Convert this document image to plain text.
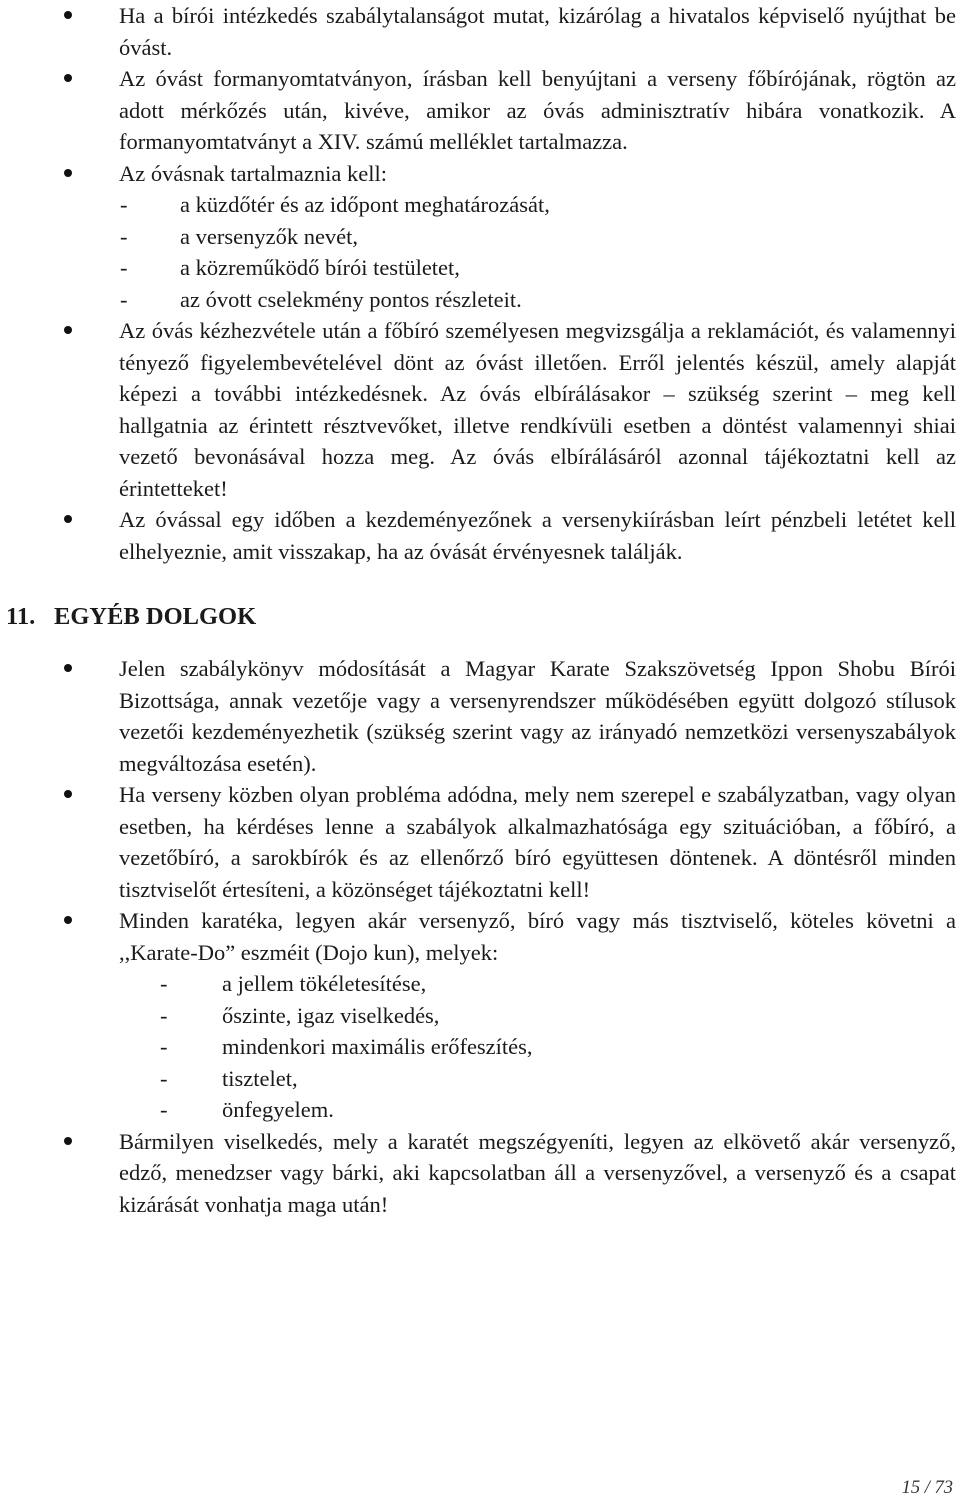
Ha a bírói intézkedés szabálytalanságot mutat, kizárólag a hivatalos képviselő nyújthat be óvást.
Az óvást formanyomtatványon, írásban kell benyújtani a verseny főbírójának, rögtön az adott mérkőzés után, kivéve, amikor az óvás adminisztratív hibára vonatkozik. A formanyomtatványt a XIV. számú melléklet tartalmazza.
Az óvásnak tartalmaznia kell:
- a küzdőtér és az időpont meghatározását,
- a versenyzők nevét,
- a közreműködő bírói testületet,
- az óvott cselekmény pontos részleteit.
Az óvás kézhezvétele után a főbíró személyesen megvizsgálja a reklamációt, és valamennyi tényező figyelembevételével dönt az óvást illetően. Erről jelentés készül, amely alapját képezi a további intézkedésnek. Az óvás elbírálásakor – szükség szerint – meg kell hallgatnia az érintett résztvevőket, illetve rendkívüli esetben a döntést valamennyi shiai vezető bevonásával hozza meg. Az óvás elbírálásáról azonnal tájékoztatni kell az érintetteket!
Az óvással egy időben a kezdeményezőnek a versenykiírásban leírt pénzbeli letétet kell elhelyeznie, amit visszakap, ha az óvását érvényesnek találják.
11. EGYÉB DOLGOK
Jelen szabálykönyv módosítását a Magyar Karate Szakszövetség Ippon Shobu Bírói Bizottsága, annak vezetője vagy a versenyrendszer működésében együtt dolgozó stílusok vezetői kezdeményezhetik (szükség szerint vagy az irányadó nemzetközi versenyszabályok megváltozása esetén).
Ha verseny közben olyan probléma adódna, mely nem szerepel e szabályzatban, vagy olyan esetben, ha kérdéses lenne a szabályok alkalmazhatósága egy szituációban, a főbíró, a vezetőbíró, a sarokbírók és az ellenőrző bíró együttesen döntenek. A döntésről minden tisztviselőt értesíteni, a közönséget tájékoztatni kell!
Minden karatéka, legyen akár versenyző, bíró vagy más tisztviselő, köteles követni a ,,Karate-Do” eszméit (Dojo kun), melyek:
- a jellem tökéletesítése,
- őszinte, igaz viselkedés,
- mindenkori maximális erőfeszítés,
- tisztelet,
- önfegyelem.
Bármilyen viselkedés, mely a karatét megszégyeníti, legyen az elkövető akár versenyző, edző, menedzser vagy bárki, aki kapcsolatban áll a versenyzővel, a versenyző és a csapat kizárását vonhatja maga után!
15 / 73
